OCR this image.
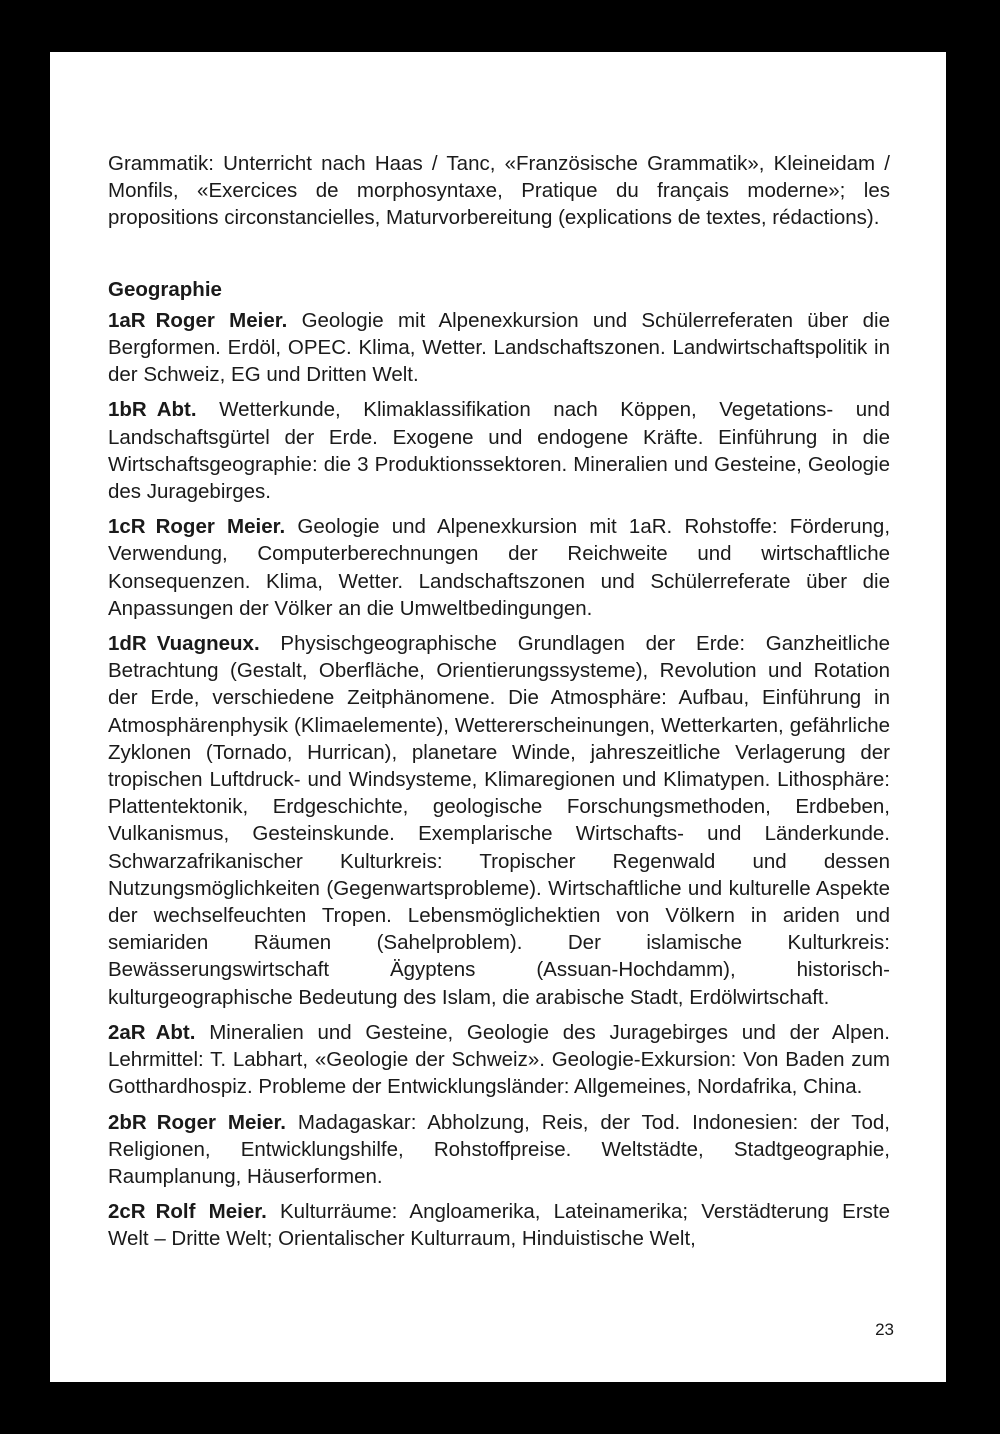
Grammatik: Unterricht nach Haas / Tanc, «Französische Grammatik», Kleineidam / Monfils, «Exercices de morphosyntaxe, Pratique du français moderne»; les propositions circonstancielles, Maturvorbereitung (explications de textes, rédactions).

Geographie

1aR Roger Meier. Geologie mit Alpenexkursion und Schülerreferaten über die Bergformen. Erdöl, OPEC. Klima, Wetter. Landschaftszonen. Landwirtschaftspolitik in der Schweiz, EG und Dritten Welt.

1bR Abt. Wetterkunde, Klimaklassifikation nach Köppen, Vegetations- und Landschaftsgürtel der Erde. Exogene und endogene Kräfte. Einführung in die Wirtschaftsgeographie: die 3 Produktionssektoren. Mineralien und Gesteine, Geologie des Juragebirges.

1cR Roger Meier. Geologie und Alpenexkursion mit 1aR. Rohstoffe: Förderung, Verwendung, Computerberechnungen der Reichweite und wirtschaftliche Konsequenzen. Klima, Wetter. Landschaftszonen und Schülerreferate über die Anpassungen der Völker an die Umweltbedingungen.

1dR Vuagneux. Physischgeographische Grundlagen der Erde: Ganzheitliche Betrachtung (Gestalt, Oberfläche, Orientierungssysteme), Revolution und Rotation der Erde, verschiedene Zeitphänomene. Die Atmosphäre: Aufbau, Einführung in Atmosphärenphysik (Klimaelemente), Wettererscheinungen, Wetterkarten, gefährliche Zyklonen (Tornado, Hurrican), planetare Winde, jahreszeitliche Verlagerung der tropischen Luftdruck- und Windsysteme, Klimaregionen und Klimatypen. Lithosphäre: Plattentektonik, Erdgeschichte, geologische Forschungsmethoden, Erdbeben, Vulkanismus, Gesteinskunde. Exemplarische Wirtschafts- und Länderkunde. Schwarzafrikanischer Kulturkreis: Tropischer Regenwald und dessen Nutzungsmöglichkeiten (Gegenwartsprobleme). Wirtschaftliche und kulturelle Aspekte der wechselfeuchten Tropen. Lebensmöglichektien von Völkern in ariden und semiariden Räumen (Sahelproblem). Der islamische Kulturkreis: Bewässerungswirtschaft Ägyptens (Assuan-Hochdamm), historisch-kulturgeographische Bedeutung des Islam, die arabische Stadt, Erdölwirtschaft.

2aR Abt. Mineralien und Gesteine, Geologie des Juragebirges und der Alpen. Lehrmittel: T. Labhart, «Geologie der Schweiz». Geologie-Exkursion: Von Baden zum Gotthardhospiz. Probleme der Entwicklungsländer: Allgemeines, Nordafrika, China.

2bR Roger Meier. Madagaskar: Abholzung, Reis, der Tod. Indonesien: der Tod, Religionen, Entwicklungshilfe, Rohstoffpreise. Weltstädte, Stadtgeographie, Raumplanung, Häuserformen.

2cR Rolf Meier. Kulturräume: Angloamerika, Lateinamerika; Verstädterung Erste Welt – Dritte Welt; Orientalischer Kulturraum, Hinduistische Welt,

23
